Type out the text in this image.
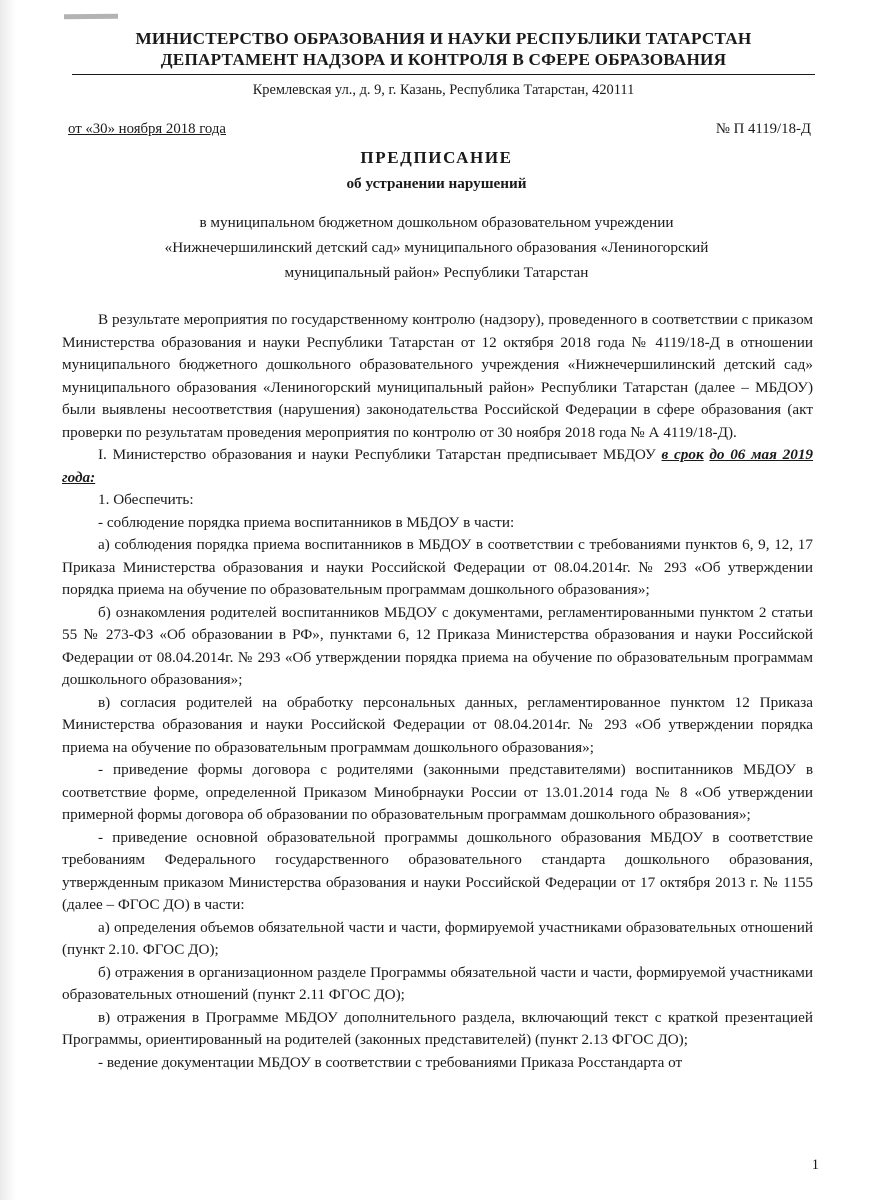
МИНИСТЕРСТВО ОБРАЗОВАНИЯ И НАУКИ РЕСПУБЛИКИ ТАТАРСТАН
ДЕПАРТАМЕНТ НАДЗОРА И КОНТРОЛЯ В СФЕРЕ ОБРАЗОВАНИЯ
Кремлевская ул., д. 9, г. Казань, Республика Татарстан, 420111
от «30» ноября 2018 года	№ П 4119/18-Д
ПРЕДПИСАНИЕ
об устранении нарушений
в муниципальном бюджетном дошкольном образовательном учреждении
«Нижнечершилинский детский сад» муниципального образования «Лениногорский
муниципальный район» Республики Татарстан

В результате мероприятия по государственному контролю (надзору), проведенного в соответствии с приказом Министерства образования и науки Республики Татарстан от 12 октября 2018 года № 4119/18-Д в отношении муниципального бюджетного дошкольного образовательного учреждения «Нижнечершилинский детский сад» муниципального образования «Лениногорский муниципальный район» Республики Татарстан (далее – МБДОУ) были выявлены несоответствия (нарушения) законодательства Российской Федерации в сфере образования (акт проверки по результатам проведения мероприятия по контролю от 30 ноября 2018 года № А 4119/18-Д).

I. Министерство образования и науки Республики Татарстан предписывает МБДОУ в срок до 06 мая 2019 года:

1. Обеспечить:

- соблюдение порядка приема воспитанников в МБДОУ в части:

а) соблюдения порядка приема воспитанников в МБДОУ в соответствии с требованиями пунктов 6, 9, 12, 17 Приказа Министерства образования и науки Российской Федерации от 08.04.2014г. № 293 «Об утверждении порядка приема на обучение по образовательным программам дошкольного образования»;

б) ознакомления родителей воспитанников МБДОУ с документами, регламентированными пунктом 2 статьи 55 № 273-ФЗ «Об образовании в РФ», пунктами 6, 12 Приказа Министерства образования и науки Российской Федерации от 08.04.2014г. № 293 «Об утверждении порядка приема на обучение по образовательным программам дошкольного образования»;

в) согласия родителей на обработку персональных данных, регламентированное пунктом 12 Приказа Министерства образования и науки Российской Федерации от 08.04.2014г. № 293 «Об утверждении порядка приема на обучение по образовательным программам дошкольного образования»;

- приведение формы договора с родителями (законными представителями) воспитанников МБДОУ в соответствие форме, определенной Приказом Минобрнауки России от 13.01.2014 года № 8 «Об утверждении примерной формы договора об образовании по образовательным программам дошкольного образования»;

- приведение основной образовательной программы дошкольного образования МБДОУ в соответствие требованиям Федерального государственного образовательного стандарта дошкольного образования, утвержденным приказом Министерства образования и науки Российской Федерации от 17 октября 2013 г. № 1155 (далее – ФГОС ДО) в части:

а) определения объемов обязательной части и части, формируемой участниками образовательных отношений (пункт 2.10. ФГОС ДО);

б) отражения в организационном разделе Программы обязательной части и части, формируемой участниками образовательных отношений (пункт 2.11 ФГОС ДО);

в) отражения в Программе МБДОУ дополнительного раздела, включающий текст с краткой презентацией Программы, ориентированный на родителей (законных представителей) (пункт 2.13 ФГОС ДО);

- ведение документации МБДОУ в соответствии с требованиями Приказа Росстандарта от

1
